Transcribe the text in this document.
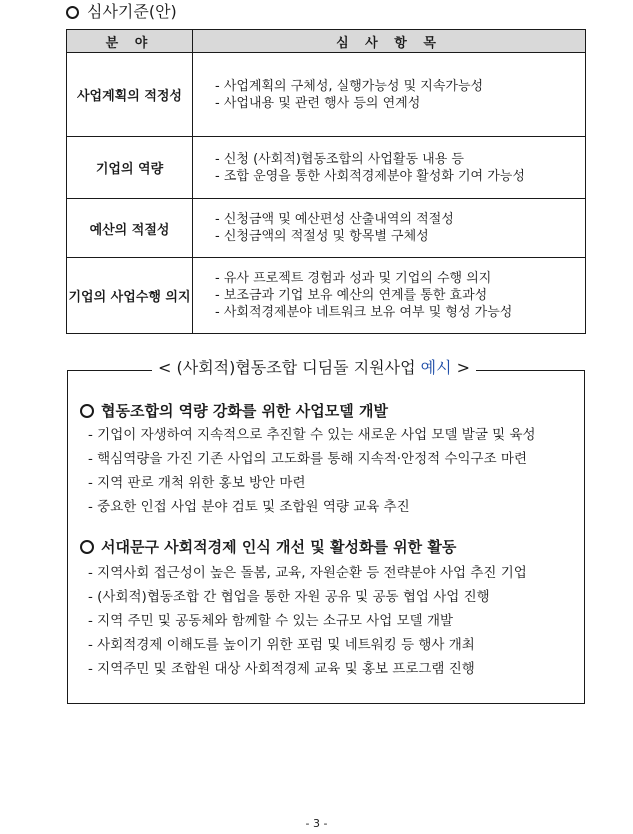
심사기준(안)
분 야	심 사 항 목
사업계획의 적정성	- 사업계획의 구체성, 실행가능성 및 지속가능성
- 사업내용 및 관련 행사 등의 연계성

기업의 역량	- 신청 (사회적)협동조합의 사업활동 내용 등
- 조합 운영을 통한 사회적경제분야 활성화 기여 가능성

예산의 적절성	- 신청금액 및 예산편성 산출내역의 적절성
- 신청금액의 적절성 및 항목별 구체성

기업의 사업수행 의지	- 유사 프로젝트 경험과 성과 및 기업의 수행 의지
- 보조금과 기업 보유 예산의 연계를 통한 효과성
- 사회적경제분야 네트워크 보유 여부 및 형성 가능성
< (사회적)협동조합 디딤돌 지원사업 예시 >
협동조합의 역량 강화를 위한 사업모델 개발
- 기업이 자생하여 지속적으로 추진할 수 있는 새로운 사업 모델 발굴 및 육성
- 핵심역량을 가진 기존 사업의 고도화를 통해 지속적·안정적 수익구조 마련
- 지역 판로 개척 위한 홍보 방안 마련
- 중요한 인접 사업 분야 검토 및 조합원 역량 교육 추진
서대문구 사회적경제 인식 개선 및 활성화를 위한 활동
- 지역사회 접근성이 높은 돌봄, 교육, 자원순환 등 전략분야 사업 추진 기업
- (사회적)협동조합 간 협업을 통한 자원 공유 및 공동 협업 사업 진행
- 지역 주민 및 공동체와 함께할 수 있는 소규모 사업 모델 개발
- 사회적경제 이해도를 높이기 위한 포럼 및 네트워킹 등 행사 개최
- 지역주민 및 조합원 대상 사회적경제 교육 및 홍보 프로그램 진행
- 3 -
